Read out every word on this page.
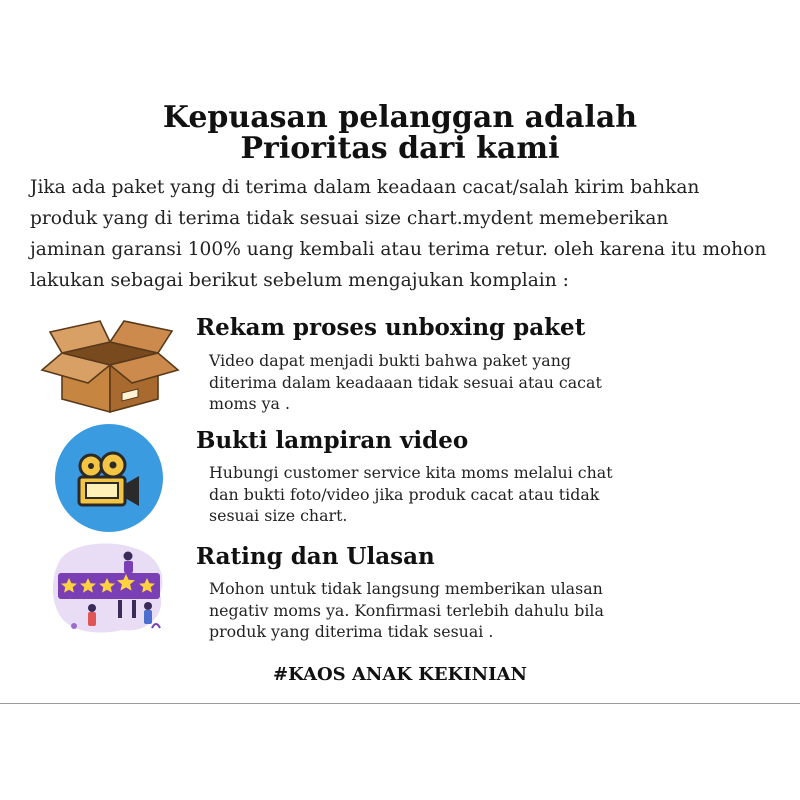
Kepuasan pelanggan adalah
Prioritas dari kami
Jika ada paket yang di terima dalam keadaan cacat/salah kirim bahkan
produk yang di terima tidak sesuai size chart.mydent memeberikan
jaminan garansi 100% uang kembali atau terima retur. oleh karena itu mohon
lakukan sebagai berikut sebelum mengajukan komplain :
Rekam proses unboxing paket
Video dapat menjadi bukti bahwa paket yang
diterima dalam keadaaan tidak sesuai atau cacat
moms ya .
Bukti lampiran video
Hubungi customer service kita moms melalui chat
dan bukti foto/video jika produk cacat atau tidak
sesuai size chart.
Rating dan Ulasan
Mohon untuk tidak langsung memberikan ulasan
negativ moms ya. Konfirmasi terlebih dahulu bila
produk yang diterima tidak sesuai .
#KAOS ANAK KEKINIAN
